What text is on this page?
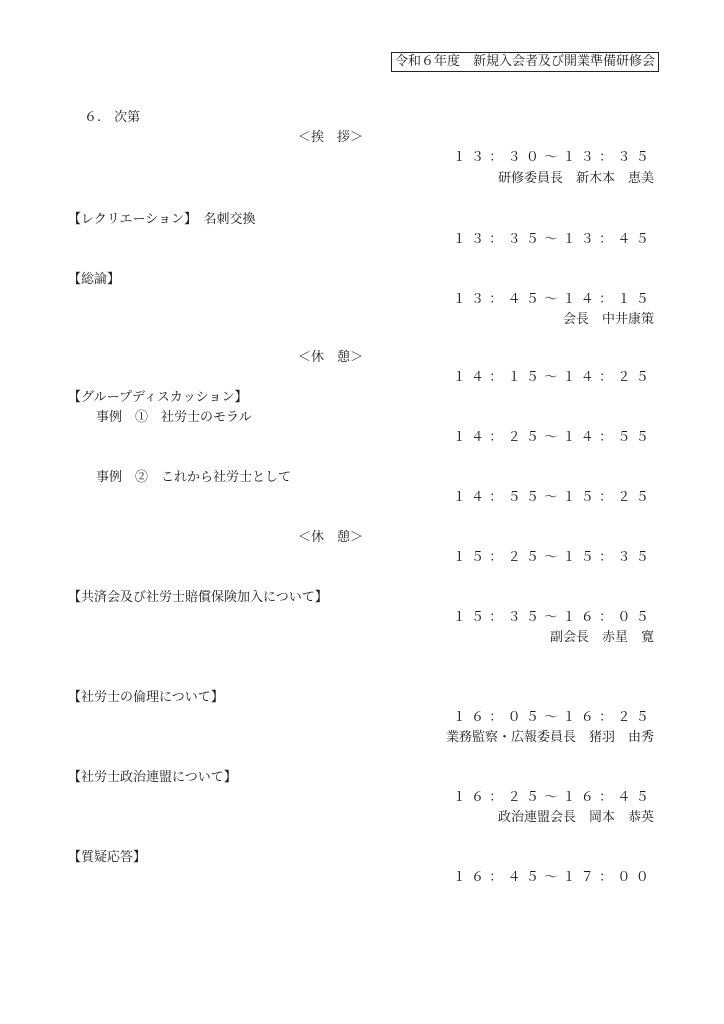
令和６年度　新規入会者及び開業準備研修会
６.　次第
＜挨　拶＞
１３：３０〜１３：３５
研修委員長　新木本　恵美
【レクリエーション】　名刺交換
１３：３５〜１３：４５
【総論】
１３：４５〜１４：１５
会長　中井康策
＜休　憩＞
１４：１５〜１４：２５
【グループディスカッション】
事例　①　社労士のモラル
１４：２５〜１４：５５
事例　②　これから社労士として
１４：５５〜１５：２５
＜休　憩＞
１５：２５〜１５：３５
【共済会及び社労士賠償保険加入について】
１５：３５〜１６：０５
副会長　赤星　寛
【社労士の倫理について】
１６：０５〜１６：２５
業務監察・広報委員長　猪羽　由秀
【社労士政治連盟について】
１６：２５〜１６：４５
政治連盟会長　岡本　恭英
【質疑応答】
１６：４５〜１７：００
